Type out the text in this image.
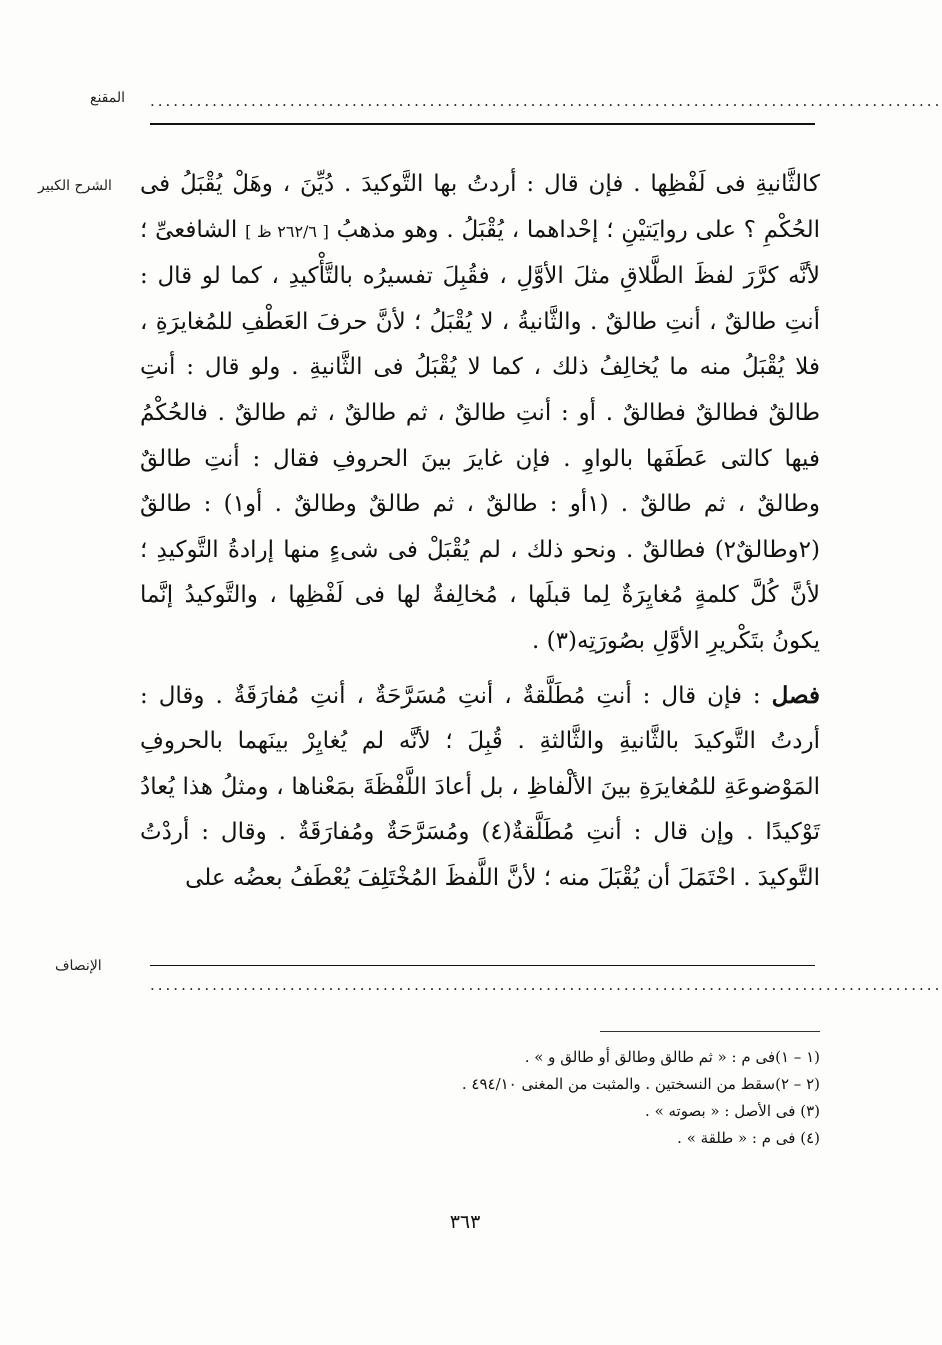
المقنع ......................................................................................................
الشرح الكبير كالثَّانيةِ فى لَفْظِها . فإن قال : أردتُ بها التَّوكيدَ . دُيِّنَ ، وهَلْ يُقْبَلُ فى الحُكْمِ ؟ على روايَتيْنِ ؛ إحْداهما ، يُقْبَلُ . وهو مذهبُ [ ٢٦٢/٦ ظ ] الشافعىِّ ؛ لأنَّه كرَّرَ لفظَ الطَّلاقِ مثلَ الأوَّلِ ، فقُبِلَ تفسيرُه بالتَّأْكيدِ ، كما لو قال : أنتِ طالقٌ ، أنتِ طالقٌ . والثَّانيةُ ، لا يُقْبَلُ ؛ لأنَّ حرفَ العَطْفِ للمُغايرَةِ ، فلا يُقْبَلُ منه ما يُخالِفُ ذلك ، كما لا يُقْبَلُ فى الثَّانيةِ . ولو قال : أنتِ طالقٌ فطالقٌ فطالقٌ . أو : أنتِ طالقٌ ، ثم طالقٌ ، ثم طالقٌ . فالحُكْمُ فيها كالتى عَطَفَها بالواوِ . فإن غايرَ بينَ الحروفِ فقال : أنتِ طالقٌ وطالقٌ ، ثم طالقٌ . (١أو : طالقٌ ، ثم طالقٌ وطالقٌ . أو١) : طالقٌ (٢وطالقٌ٢) فطالقٌ . ونحو ذلك ، لم يُقْبَلْ فى شىءٍ منها إرادةُ التَّوكيدِ ؛ لأنَّ كُلَّ كلمةٍ مُغايِرَةٌ لِما قبلَها ، مُخالِفةٌ لها فى لَفْظِها ، والتَّوكيدُ إنَّما يكونُ بتَكْريرِ الأوَّلِ بصُورَتِه(٣) .

فصل : فإن قال : أنتِ مُطَلَّقةٌ ، أنتِ مُسَرَّحَةٌ ، أنتِ مُفارَقَةٌ . وقال : أردتُ التَّوكيدَ بالثَّانيةِ والثَّالثةِ . قُبِلَ ؛ لأنَّه لم يُغايِرْ بينَهما بالحروفِ المَوْضوعَةِ للمُغايرَةِ بينَ الألْفاظِ ، بل أعادَ اللَّفْظَةَ بمَعْناها ، ومثلُ هذا يُعادُ تَوْكيدًا . وإن قال : أنتِ مُطَلَّقةٌ(٤) ومُسَرَّحَةٌ ومُفارَقَةٌ . وقال : أردْتُ التَّوكيدَ . احْتَمَلَ أن يُقْبَلَ منه ؛ لأنَّ اللَّفظَ المُخْتَلِفَ يُعْطَفُ بعضُه على

الإنصاف
......................................................................................................
(١ – ١)فى م : « ثم طالق وطالق أو طالق و » .
(٢ – ٢)سقط من النسختين . والمثبت من المغنى ٤٩٤/١٠ .
(٣) فى الأصل : « بصوته » .
(٤) فى م : « طلقة » .
٣٦٣
